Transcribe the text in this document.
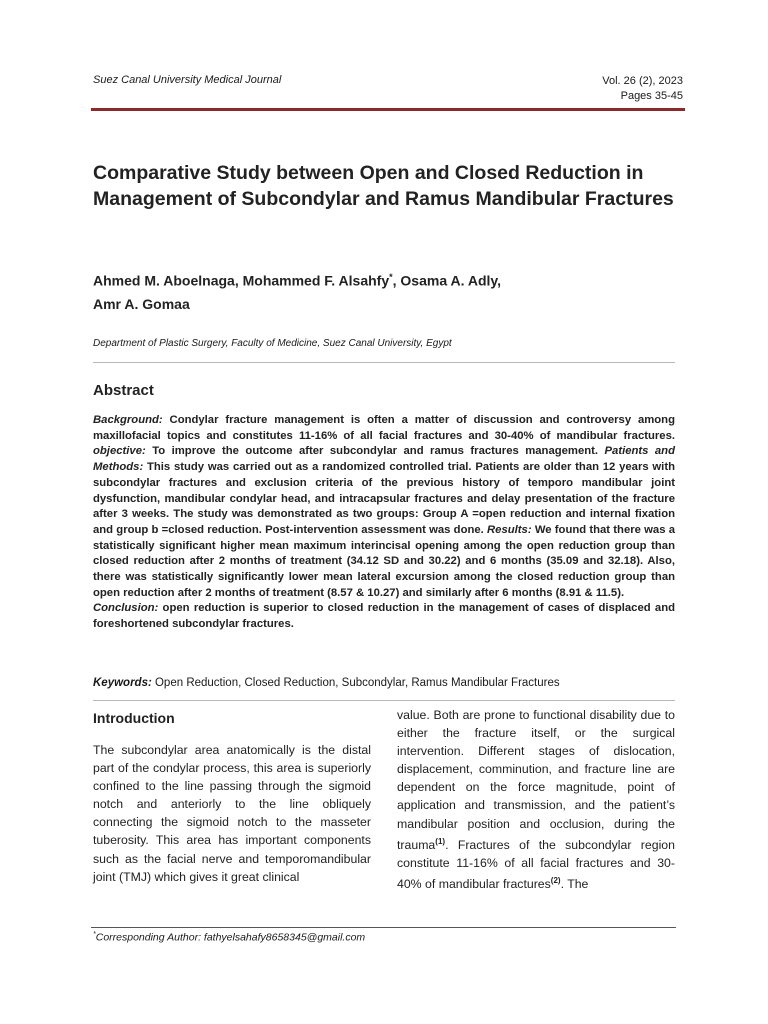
Suez Canal University Medical Journal	Vol. 26 (2), 2023
Pages 35-45
Comparative Study between Open and Closed Reduction in Management of Subcondylar and Ramus Mandibular Fractures
Ahmed M. Aboelnaga, Mohammed F. Alsahfy*, Osama A. Adly,
Amr A. Gomaa
Department of Plastic Surgery, Faculty of Medicine, Suez Canal University, Egypt
Abstract
Background: Condylar fracture management is often a matter of discussion and controversy among maxillofacial topics and constitutes 11-16% of all facial fractures and 30-40% of mandibular fractures. objective: To improve the outcome after subcondylar and ramus fractures management. Patients and Methods: This study was carried out as a randomized controlled trial. Patients are older than 12 years with subcondylar fractures and exclusion criteria of the previous history of temporo mandibular joint dysfunction, mandibular condylar head, and intracapsular fractures and delay presentation of the fracture after 3 weeks. The study was demonstrated as two groups: Group A =open reduction and internal fixation and group b =closed reduction. Post-intervention assessment was done. Results: We found that there was a statistically significant higher mean maximum interincisal opening among the open reduction group than closed reduction after 2 months of treatment (34.12 SD and 30.22) and 6 months (35.09 and 32.18). Also, there was statistically significantly lower mean lateral excursion among the closed reduction group than open reduction after 2 months of treatment (8.57 & 10.27) and similarly after 6 months (8.91 & 11.5).
Conclusion: open reduction is superior to closed reduction in the management of cases of displaced and foreshortened subcondylar fractures.
Keywords: Open Reduction, Closed Reduction, Subcondylar, Ramus Mandibular Fractures
Introduction
The subcondylar area anatomically is the distal part of the condylar process, this area is superiorly confined to the line passing through the sigmoid notch and anteriorly to the line obliquely connecting the sigmoid notch to the masseter tuberosity. This area has important components such as the facial nerve and temporomandibular joint (TMJ) which gives it great clinical
value. Both are prone to functional disability due to either the fracture itself, or the surgical intervention. Different stages of dislocation, displacement, comminution, and fracture line are dependent on the force magnitude, point of application and transmission, and the patient’s mandibular position and occlusion, during the trauma$^{(1)}$. Fractures of the subcondylar region constitute 11-16% of all facial fractures and 30-40% of mandibular fractures$^{(2)}$. The
*Corresponding Author: fathyelsahafy8658345@gmail.com
